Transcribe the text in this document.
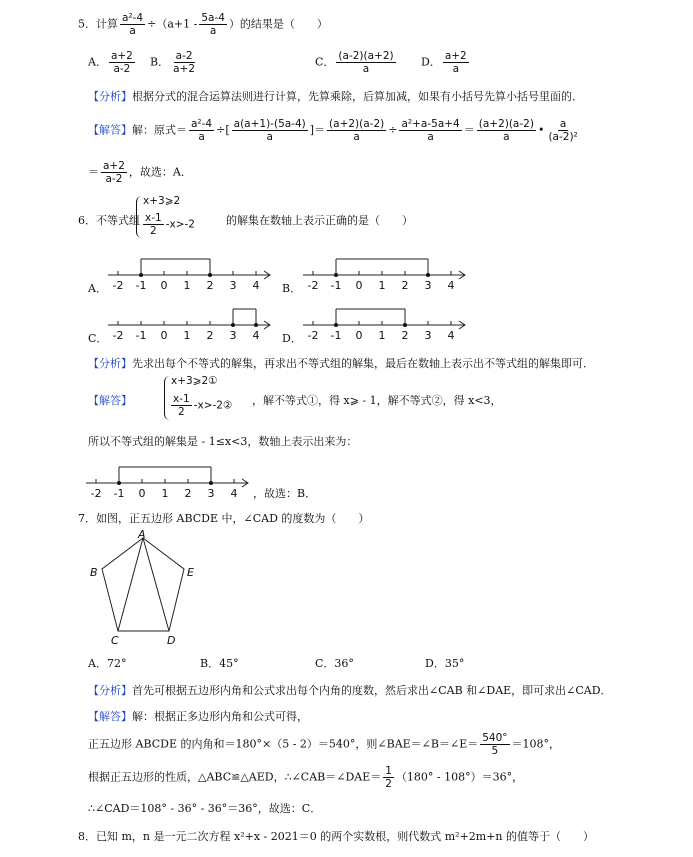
5．计算 $\frac{\text{a²-4}}{a} \div(a+1 - \frac{5a-4}{a}$ ）的结果是（　　）
A． $\frac{a+2}{a-2}$ B． $\frac{a-2}{a+2}$	C． $\frac{(a-2)(a+2)}{a}$ D． $\frac{a+2}{a}$
【分析】根据分式的混合运算法则进行计算，先算乘除，后算加减，如果有小括号先算小括号里面的．
【解答】解：原式＝ $\frac{\text{a²-4}}{a}$ ÷[ $\frac{a(a+1)-(5a-4)}{a}$ ]＝ $\frac{(a+2)(a-2)}{a} \div \frac{\text{a²+a-5a+4}}{a} = \frac{(a+2)(a-2)}{a}$ • $\frac{a}{\text{(a-2)²}}$
＝ $\frac{a+2}{a-2}$ ，故选：A．
6．不等式组
x+3⩾2
$\frac{x-1}{2} -x>-2$	的解集在数轴上表示正确的是（　　）
A． -2 -1 0 1 2 3 4 B． -2 -1 0 1 2 3 4
C． -2 -1 0 1 2 3 4 D． -2 -1 0 1 2 3 4
【分析】先求出每个不等式的解集，再求出不等式组的解集，最后在数轴上表示出不等式组的解集即可．
【解答】
x+3⩾2①
$\frac{x-1}{2}$ -x>-2② ，解不等式①，得 x⩾ - 1，解不等式②，得 x<3，
所以不等式组的解集是 - 1≤x<3，数轴上表示出来为：
-2 -1 0 1 2 3 4 ，故选：B．
7．如图，正五边形 ABCDE 中，∠CAD 的度数为（　　）
A
B
C	D
E
A．72°	B．45°	C．36°	D．35°
【分析】首先可根据五边形内角和公式求出每个内角的度数，然后求出∠CAB 和∠DAE，即可求出∠CAD．
【解答】解：根据正多边形内角和公式可得，
正五边形 ABCDE 的内角和＝180°×（5 - 2）＝540°，则∠BAE＝∠B＝∠E＝ $\frac{540^\circ}{5} =108^\circ$，
根据正五边形的性质，△ABC≌△AED，∴∠CAB＝∠DAE＝ $\frac{1}{2} (180^\circ - 108^\circ)=36^\circ$，
∴∠CAD＝108° - 36° - 36°＝36°，故选：C．
8．已知 m，n 是一元二次方程 x²+x - 2021＝0 的两个实数根，则代数式 m²+2m+n 的值等于（　　）
